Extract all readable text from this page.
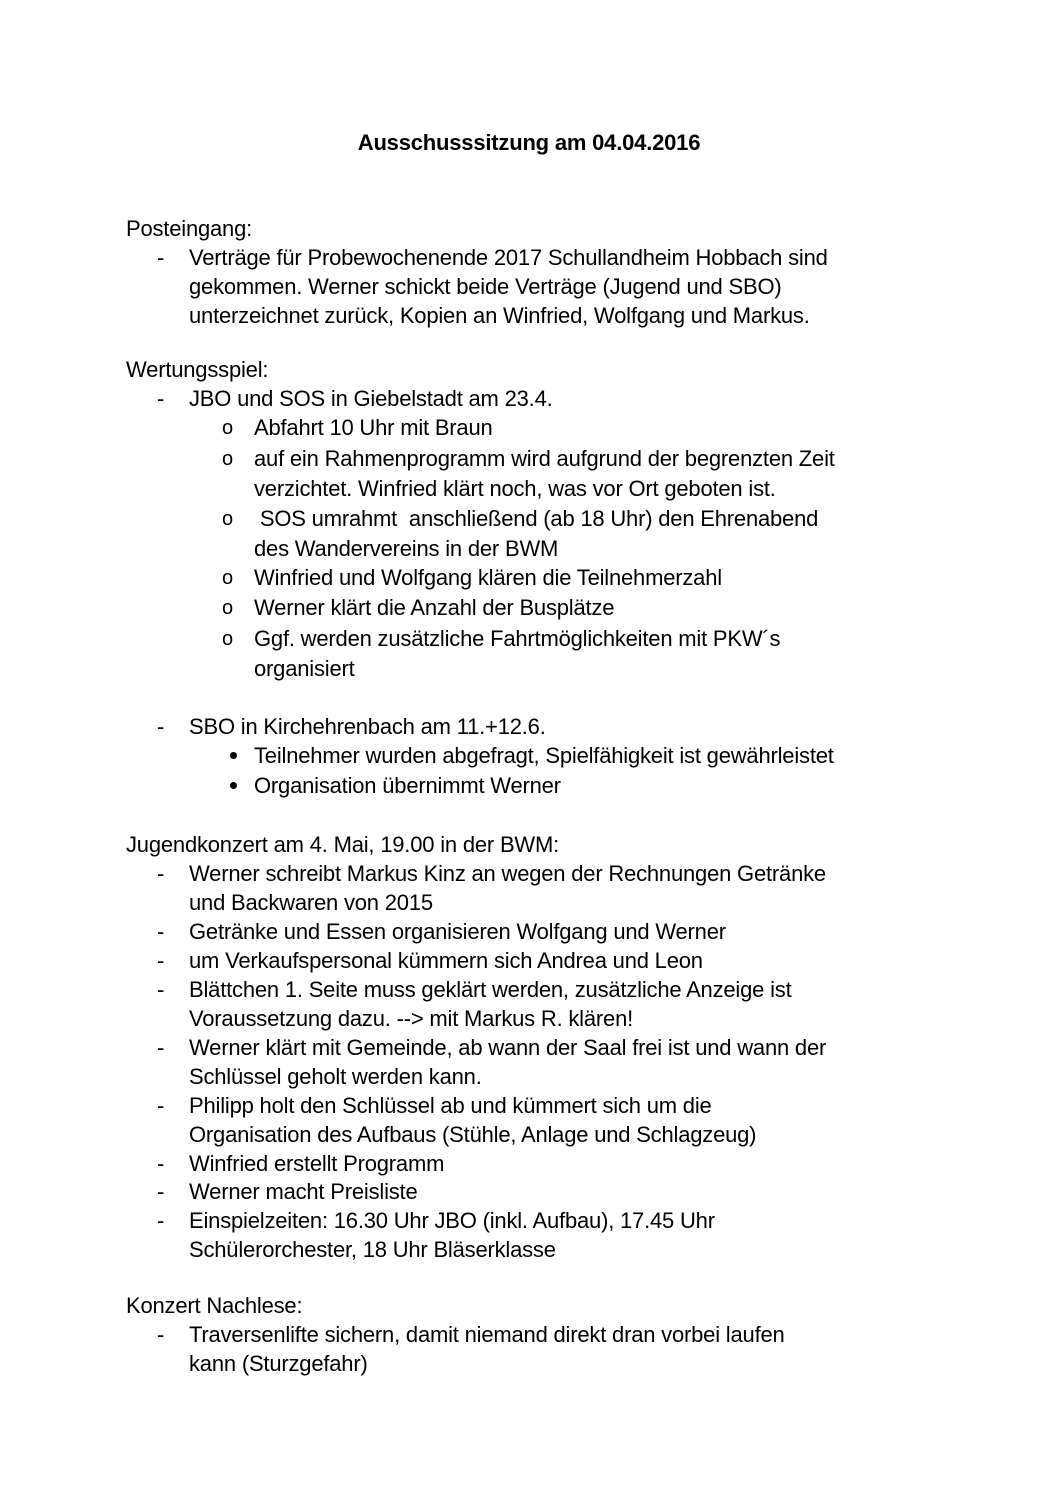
Ausschusssitzung am 04.04.2016
Posteingang:
- Verträge für Probewochenende 2017 Schullandheim Hobbach sind
gekommen. Werner schickt beide Verträge (Jugend und SBO)
unterzeichnet zurück, Kopien an Winfried, Wolfgang und Markus.
Wertungsspiel:
- JBO und SOS in Giebelstadt am 23.4.
o Abfahrt 10 Uhr mit Braun
o auf ein Rahmenprogramm wird aufgrund der begrenzten Zeit
verzichtet. Winfried klärt noch, was vor Ort geboten ist.
o SOS umrahmt  anschließend (ab 18 Uhr) den Ehrenabend
des Wandervereins in der BWM
o Winfried und Wolfgang klären die Teilnehmerzahl
o Werner klärt die Anzahl der Busplätze
o Ggf. werden zusätzliche Fahrtmöglichkeiten mit PKW´s
organisiert
- SBO in Kirchehrenbach am 11.+12.6.
Teilnehmer wurden abgefragt, Spielfähigkeit ist gewährleistet
Organisation übernimmt Werner
Jugendkonzert am 4. Mai, 19.00 in der BWM:
- Werner schreibt Markus Kinz an wegen der Rechnungen Getränke
und Backwaren von 2015
- Getränke und Essen organisieren Wolfgang und Werner
- um Verkaufspersonal kümmern sich Andrea und Leon
- Blättchen 1. Seite muss geklärt werden, zusätzliche Anzeige ist
Voraussetzung dazu. --> mit Markus R. klären!
- Werner klärt mit Gemeinde, ab wann der Saal frei ist und wann der
Schlüssel geholt werden kann.
- Philipp holt den Schlüssel ab und kümmert sich um die
Organisation des Aufbaus (Stühle, Anlage und Schlagzeug)
- Winfried erstellt Programm
- Werner macht Preisliste
- Einspielzeiten: 16.30 Uhr JBO (inkl. Aufbau), 17.45 Uhr
Schülerorchester, 18 Uhr Bläserklasse
Konzert Nachlese:
- Traversenlifte sichern, damit niemand direkt dran vorbei laufen
kann (Sturzgefahr)
